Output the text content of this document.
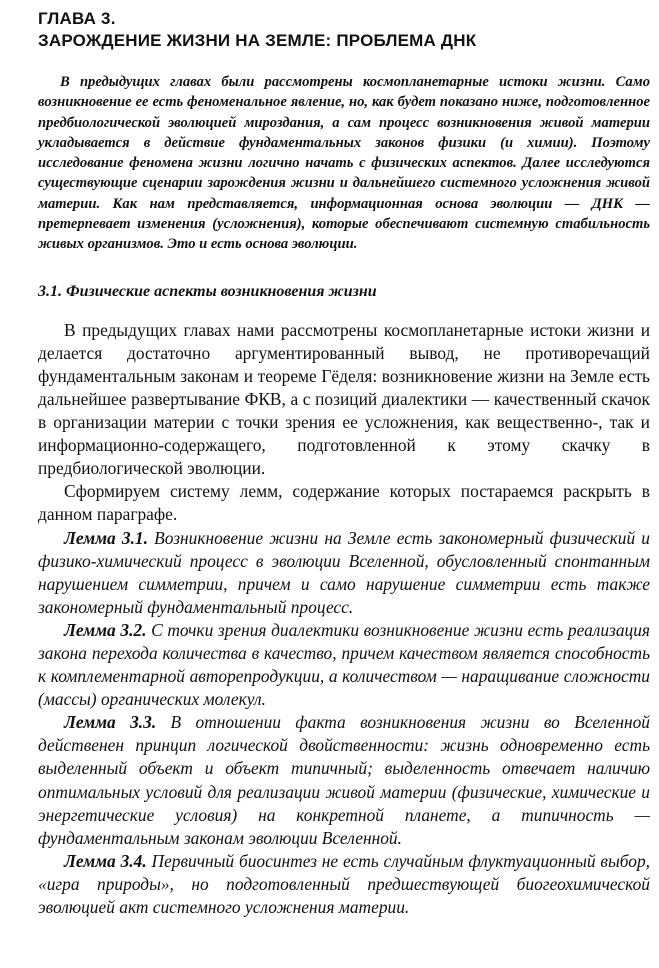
ГЛАВА 3.
ЗАРОЖДЕНИЕ ЖИЗНИ НА ЗЕМЛЕ: ПРОБЛЕМА ДНК

В предыдущих главах были рассмотрены космопланетарные истоки жизни. Само возникновение ее есть феноменальное явление, но, как будет показано ниже, подготовленное предбиологической эволюцией мироздания, а сам процесс возникновения живой материи укладывается в действие фундаментальных законов физики (и химии). Поэтому исследование феномена жизни логично начать с физических аспектов. Далее исследуются существующие сценарии зарождения жизни и дальнейшего системного усложнения живой материи. Как нам представляется, информационная основа эволюции — ДНК — претерпевает изменения (усложнения), которые обеспечивают системную стабильность живых организмов. Это и есть основа эволюции.

3.1. Физические аспекты возникновения жизни

В предыдущих главах нами рассмотрены космопланетарные истоки жизни и делается достаточно аргументированный вывод, не противоречащий фундаментальным законам и теореме Гёделя: возникновение жизни на Земле есть дальнейшее развертывание ФКВ, а с позиций диалектики — качественный скачок в организации материи с точки зрения ее усложнения, как вещественно-, так и информационно-содержащего, подготовленной к этому скачку в предбиологической эволюции.

Сформируем систему лемм, содержание которых постараемся раскрыть в данном параграфе.

Лемма 3.1. Возникновение жизни на Земле есть закономерный физический и физико-химический процесс в эволюции Вселенной, обусловленный спонтанным нарушением симметрии, причем и само нарушение симметрии есть также закономерный фундаментальный процесс.

Лемма 3.2. С точки зрения диалектики возникновение жизни есть реализация закона перехода количества в качество, причем качеством являeтся способность к комплементарной авторепродукции, а количеством — наращивание сложности (массы) органических молекул.

Лемма 3.3. В отношении факта возникновения жизни во Вселенной действенен принцип логической двойственности: жизнь одновременно есть выделенный объект и объект типичный; выделенность отвечает наличию оптимальных условий для реализации живой материи (физические, химические и энергетические условия) на конкретной планете, а типичность — фундаментальным законам эволюции Вселенной.

Лемма 3.4. Первичный биосинтез не есть случайным флуктуационный выбор, «игра природы», но подготовленный предшествующей биогеохимической эволюцией акт системного усложнения материи.
